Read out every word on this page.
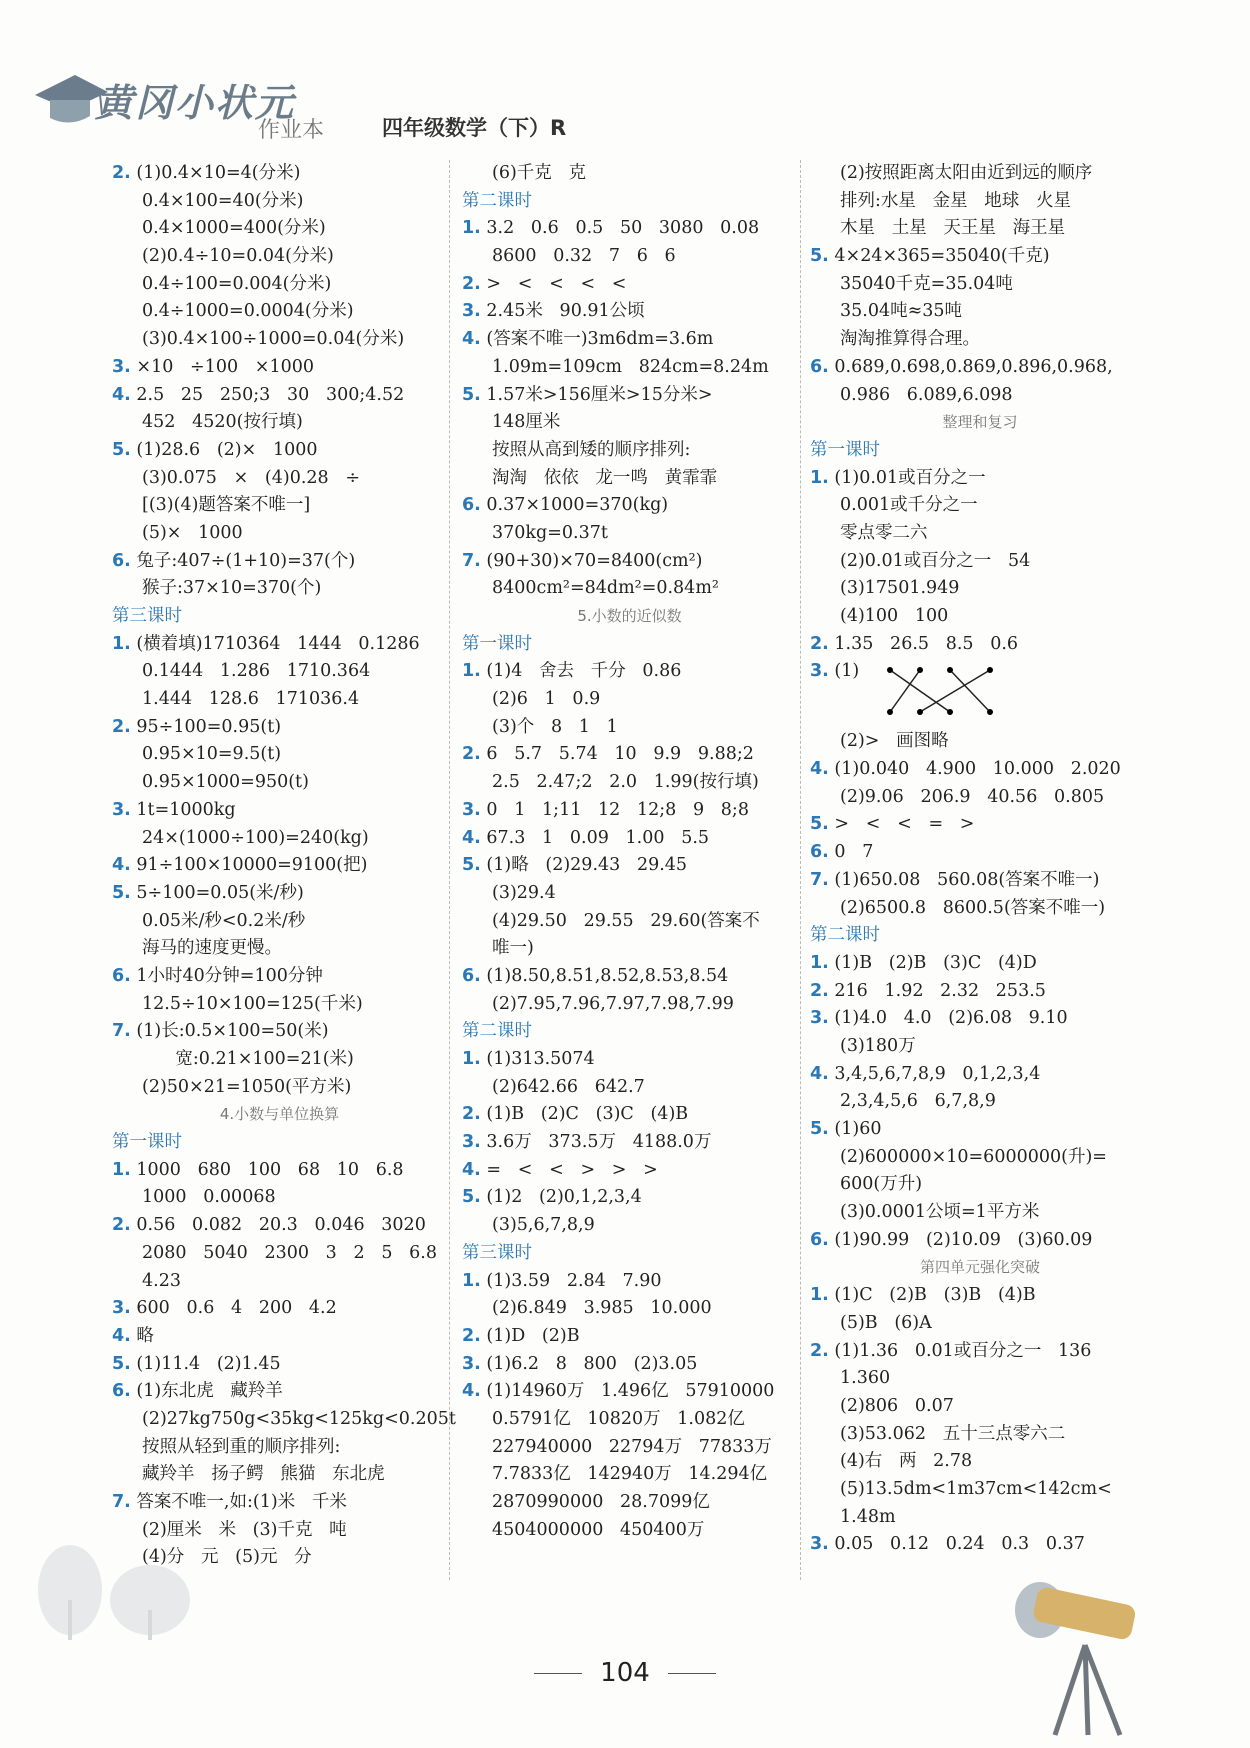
黄冈小状元
作业本	四年级数学（下）R
2. (1)0.4×10=4(分米)
0.4×100=40(分米)
0.4×1000=400(分米)
(2)0.4÷10=0.04(分米)
0.4÷100=0.004(分米)
0.4÷1000=0.0004(分米)
(3)0.4×100÷1000=0.04(分米)
3. ×10   ÷100   ×1000
4. 2.5   25   250;3   30   300;4.52
452   4520(按行填)
5. (1)28.6   (2)×   1000
(3)0.075   ×   (4)0.28   ÷
[(3)(4)题答案不唯一]
(5)×   1000
6. 兔子:407÷(1+10)=37(个)
猴子:37×10=370(个)
第三课时
1. (横着填)1710364   1444   0.1286
0.1444   1.286   1710.364
1.444   128.6   171036.4
2. 95÷100=0.95(t)
0.95×10=9.5(t)
0.95×1000=950(t)
3. 1t=1000kg
24×(1000÷100)=240(kg)
4. 91÷100×10000=9100(把)
5. 5÷100=0.05(米/秒)
0.05米/秒<0.2米/秒
海马的速度更慢。
6. 1小时40分钟=100分钟
12.5÷10×100=125(千米)
7. (1)长:0.5×100=50(米)
宽:0.21×100=21(米)
(2)50×21=1050(平方米)
4.小数与单位换算
第一课时
1. 1000   680   100   68   10   6.8
1000   0.00068
2. 0.56   0.082   20.3   0.046   3020
2080   5040   2300   3   2   5   6.8
4.23
3. 600   0.6   4   200   4.2
4. 略
5. (1)11.4   (2)1.45
6. (1)东北虎   藏羚羊
(2)27kg750g<35kg<125kg<0.205t
按照从轻到重的顺序排列:
藏羚羊   扬子鳄   熊猫   东北虎
7. 答案不唯一,如:(1)米   千米
(2)厘米   米   (3)千克   吨
(4)分   元   (5)元   分
(6)千克   克
第二课时
1. 3.2   0.6   0.5   50   3080   0.08
8600   0.32   7   6   6
2. >   <   <   <   <
3. 2.45米   90.91公顷
4. (答案不唯一)3m6dm=3.6m
1.09m=109cm   824cm=8.24m
5. 1.57米>156厘米>15分米>
148厘米
按照从高到矮的顺序排列:
淘淘   依依   龙一鸣   黄霏霏
6. 0.37×1000=370(kg)
370kg=0.37t
7. (90+30)×70=8400(cm²)
8400cm²=84dm²=0.84m²
5.小数的近似数
第一课时
1. (1)4   舍去   千分   0.86
(2)6   1   0.9
(3)个   8   1   1
2. 6   5.7   5.74   10   9.9   9.88;2
2.5   2.47;2   2.0   1.99(按行填)
3. 0   1   1;11   12   12;8   9   8;8
4. 67.3   1   0.09   1.00   5.5
5. (1)略   (2)29.43   29.45
(3)29.4
(4)29.50   29.55   29.60(答案不
唯一)
6. (1)8.50,8.51,8.52,8.53,8.54
(2)7.95,7.96,7.97,7.98,7.99
第二课时
1. (1)313.5074
(2)642.66   642.7
2. (1)B   (2)C   (3)C   (4)B
3. 3.6万   373.5万   4188.0万
4. =   <   <   >   >   >
5. (1)2   (2)0,1,2,3,4
(3)5,6,7,8,9
第三课时
1. (1)3.59   2.84   7.90
(2)6.849   3.985   10.000
2. (1)D   (2)B
3. (1)6.2   8   800   (2)3.05
4. (1)14960万   1.496亿   57910000
0.5791亿   10820万   1.082亿
227940000   22794万   77833万
7.7833亿   142940万   14.294亿
2870990000   28.7099亿
4504000000   450400万
(2)按照距离太阳由近到远的顺序
排列:水星   金星   地球   火星
木星   土星   天王星   海王星
5. 4×24×365=35040(千克)
35040千克=35.04吨
35.04吨≈35吨
淘淘推算得合理。
6. 0.689,0.698,0.869,0.896,0.968,
0.986   6.089,6.098
整理和复习
第一课时
1. (1)0.01或百分之一
0.001或千分之一
零点零二六
(2)0.01或百分之一   54
(3)17501.949
(4)100   100
2. 1.35   26.5   8.5   0.6
3. (1)
(2)>   画图略
4. (1)0.040   4.900   10.000   2.020
(2)9.06   206.9   40.56   0.805
5. >   <   <   =   >
6. 0   7
7. (1)650.08   560.08(答案不唯一)
(2)6500.8   8600.5(答案不唯一)
第二课时
1. (1)B   (2)B   (3)C   (4)D
2. 216   1.92   2.32   253.5
3. (1)4.0   4.0   (2)6.08   9.10
(3)180万
4. 3,4,5,6,7,8,9   0,1,2,3,4
2,3,4,5,6   6,7,8,9
5. (1)60
(2)600000×10=6000000(升)=
600(万升)
(3)0.0001公顷=1平方米
6. (1)90.99   (2)10.09   (3)60.09
第四单元强化突破
1. (1)C   (2)B   (3)B   (4)B
(5)B   (6)A
2. (1)1.36   0.01或百分之一   136
1.360
(2)806   0.07
(3)53.062   五十三点零六二
(4)右   两   2.78
(5)13.5dm<1m37cm<142cm<
1.48m
3. 0.05   0.12   0.24   0.3   0.37
104
